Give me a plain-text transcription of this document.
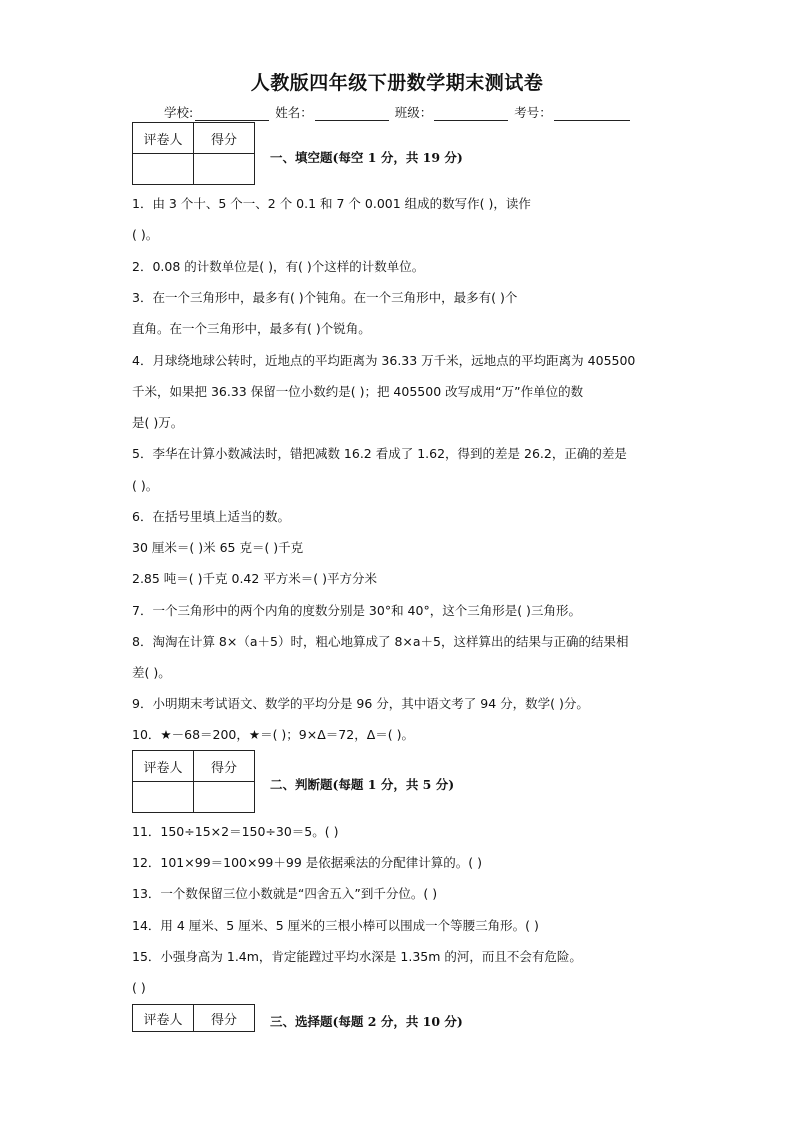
人教版四年级下册数学期末测试卷
学校:	姓名：	班级：	考号：
评卷人	得分

一、填空题(每空 1 分，共 19 分)
1．由 3 个十、5 个一、2 个 0.1 和 7 个 0.001 组成的数写作( )，读作
( )。
2．0.08 的计数单位是( )，有( )个这样的计数单位。
3．在一个三角形中，最多有( )个钝角。在一个三角形中，最多有( )个
直角。在一个三角形中，最多有( )个锐角。
4．月球绕地球公转时，近地点的平均距离为 36.33 万千米，远地点的平均距离为 405500
千米，如果把 36.33 保留一位小数约是( )；把 405500 改写成用“万”作单位的数
是( )万。
5．李华在计算小数减法时，错把减数 16.2 看成了 1.62，得到的差是 26.2，正确的差是
( )。
6．在括号里填上适当的数。
30 厘米＝( )米 65 克＝( )千克
2.85 吨＝( )千克 0.42 平方米＝( )平方分米
7．一个三角形中的两个内角的度数分别是 30°和 40°，这个三角形是( )三角形。
8．淘淘在计算 8×（a＋5）时，粗心地算成了 8×a＋5，这样算出的结果与正确的结果相
差( )。
9．小明期末考试语文、数学的平均分是 96 分，其中语文考了 94 分，数学( )分。
10．★－68＝200，★＝( )；9×Δ＝72，Δ＝( )。
评卷人	得分

二、判断题(每题 1 分，共 5 分)
11．150÷15×2＝150÷30＝5。( )
12．101×99＝100×99＋99 是依据乘法的分配律计算的。( )
13．一个数保留三位小数就是“四舍五入”到千分位。( )
14．用 4 厘米、5 厘米、5 厘米的三根小棒可以围成一个等腰三角形。( )
15．小强身高为 1.4m，肯定能蹚过平均水深是 1.35m 的河，而且不会有危险。
( )
评卷人	得分	三、选择题(每题 2 分，共 10 分)
